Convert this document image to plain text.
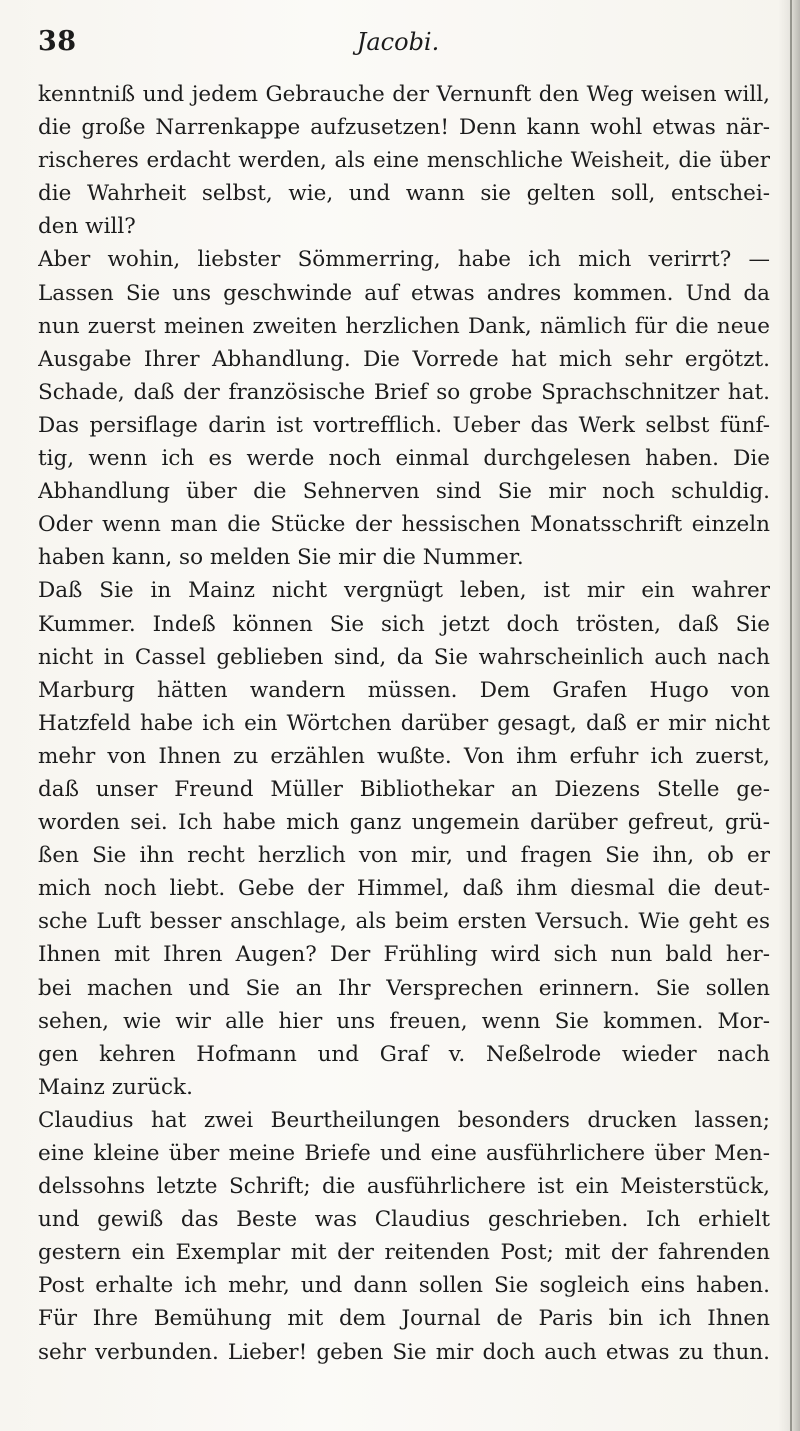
38	Jacobi.
kenntniß und jedem Gebrauche der Vernunft den Weg weisen will,
die große Narrenkappe aufzusetzen! Denn kann wohl etwas när-
rischeres erdacht werden, als eine menschliche Weisheit, die über
die Wahrheit selbst, wie, und wann sie gelten soll, entschei-
den will?
Aber wohin, liebster Sömmerring, habe ich mich verirrt? —
Lassen Sie uns geschwinde auf etwas andres kommen. Und da
nun zuerst meinen zweiten herzlichen Dank, nämlich für die neue
Ausgabe Ihrer Abhandlung. Die Vorrede hat mich sehr ergötzt.
Schade, daß der französische Brief so grobe Sprachschnitzer hat.
Das persiflage darin ist vortrefflich. Ueber das Werk selbst fünf-
tig, wenn ich es werde noch einmal durchgelesen haben. Die
Abhandlung über die Sehnerven sind Sie mir noch schuldig.
Oder wenn man die Stücke der hessischen Monatsschrift einzeln
haben kann, so melden Sie mir die Nummer.
Daß Sie in Mainz nicht vergnügt leben, ist mir ein wahrer
Kummer. Indeß können Sie sich jetzt doch trösten, daß Sie
nicht in Cassel geblieben sind, da Sie wahrscheinlich auch nach
Marburg hätten wandern müssen. Dem Grafen Hugo von
Hatzfeld habe ich ein Wörtchen darüber gesagt, daß er mir nicht
mehr von Ihnen zu erzählen wußte. Von ihm erfuhr ich zuerst,
daß unser Freund Müller Bibliothekar an Diezens Stelle ge-
worden sei. Ich habe mich ganz ungemein darüber gefreut, grü-
ßen Sie ihn recht herzlich von mir, und fragen Sie ihn, ob er
mich noch liebt. Gebe der Himmel, daß ihm diesmal die deut-
sche Luft besser anschlage, als beim ersten Versuch. Wie geht es
Ihnen mit Ihren Augen? Der Frühling wird sich nun bald her-
bei machen und Sie an Ihr Versprechen erinnern. Sie sollen
sehen, wie wir alle hier uns freuen, wenn Sie kommen. Mor-
gen kehren Hofmann und Graf v. Neßelrode wieder nach
Mainz zurück.
Claudius hat zwei Beurtheilungen besonders drucken lassen;
eine kleine über meine Briefe und eine ausführlichere über Men-
delssohns letzte Schrift; die ausführlichere ist ein Meisterstück,
und gewiß das Beste was Claudius geschrieben. Ich erhielt
gestern ein Exemplar mit der reitenden Post; mit der fahrenden
Post erhalte ich mehr, und dann sollen Sie sogleich eins haben.
Für Ihre Bemühung mit dem Journal de Paris bin ich Ihnen
sehr verbunden. Lieber! geben Sie mir doch auch etwas zu thun.
